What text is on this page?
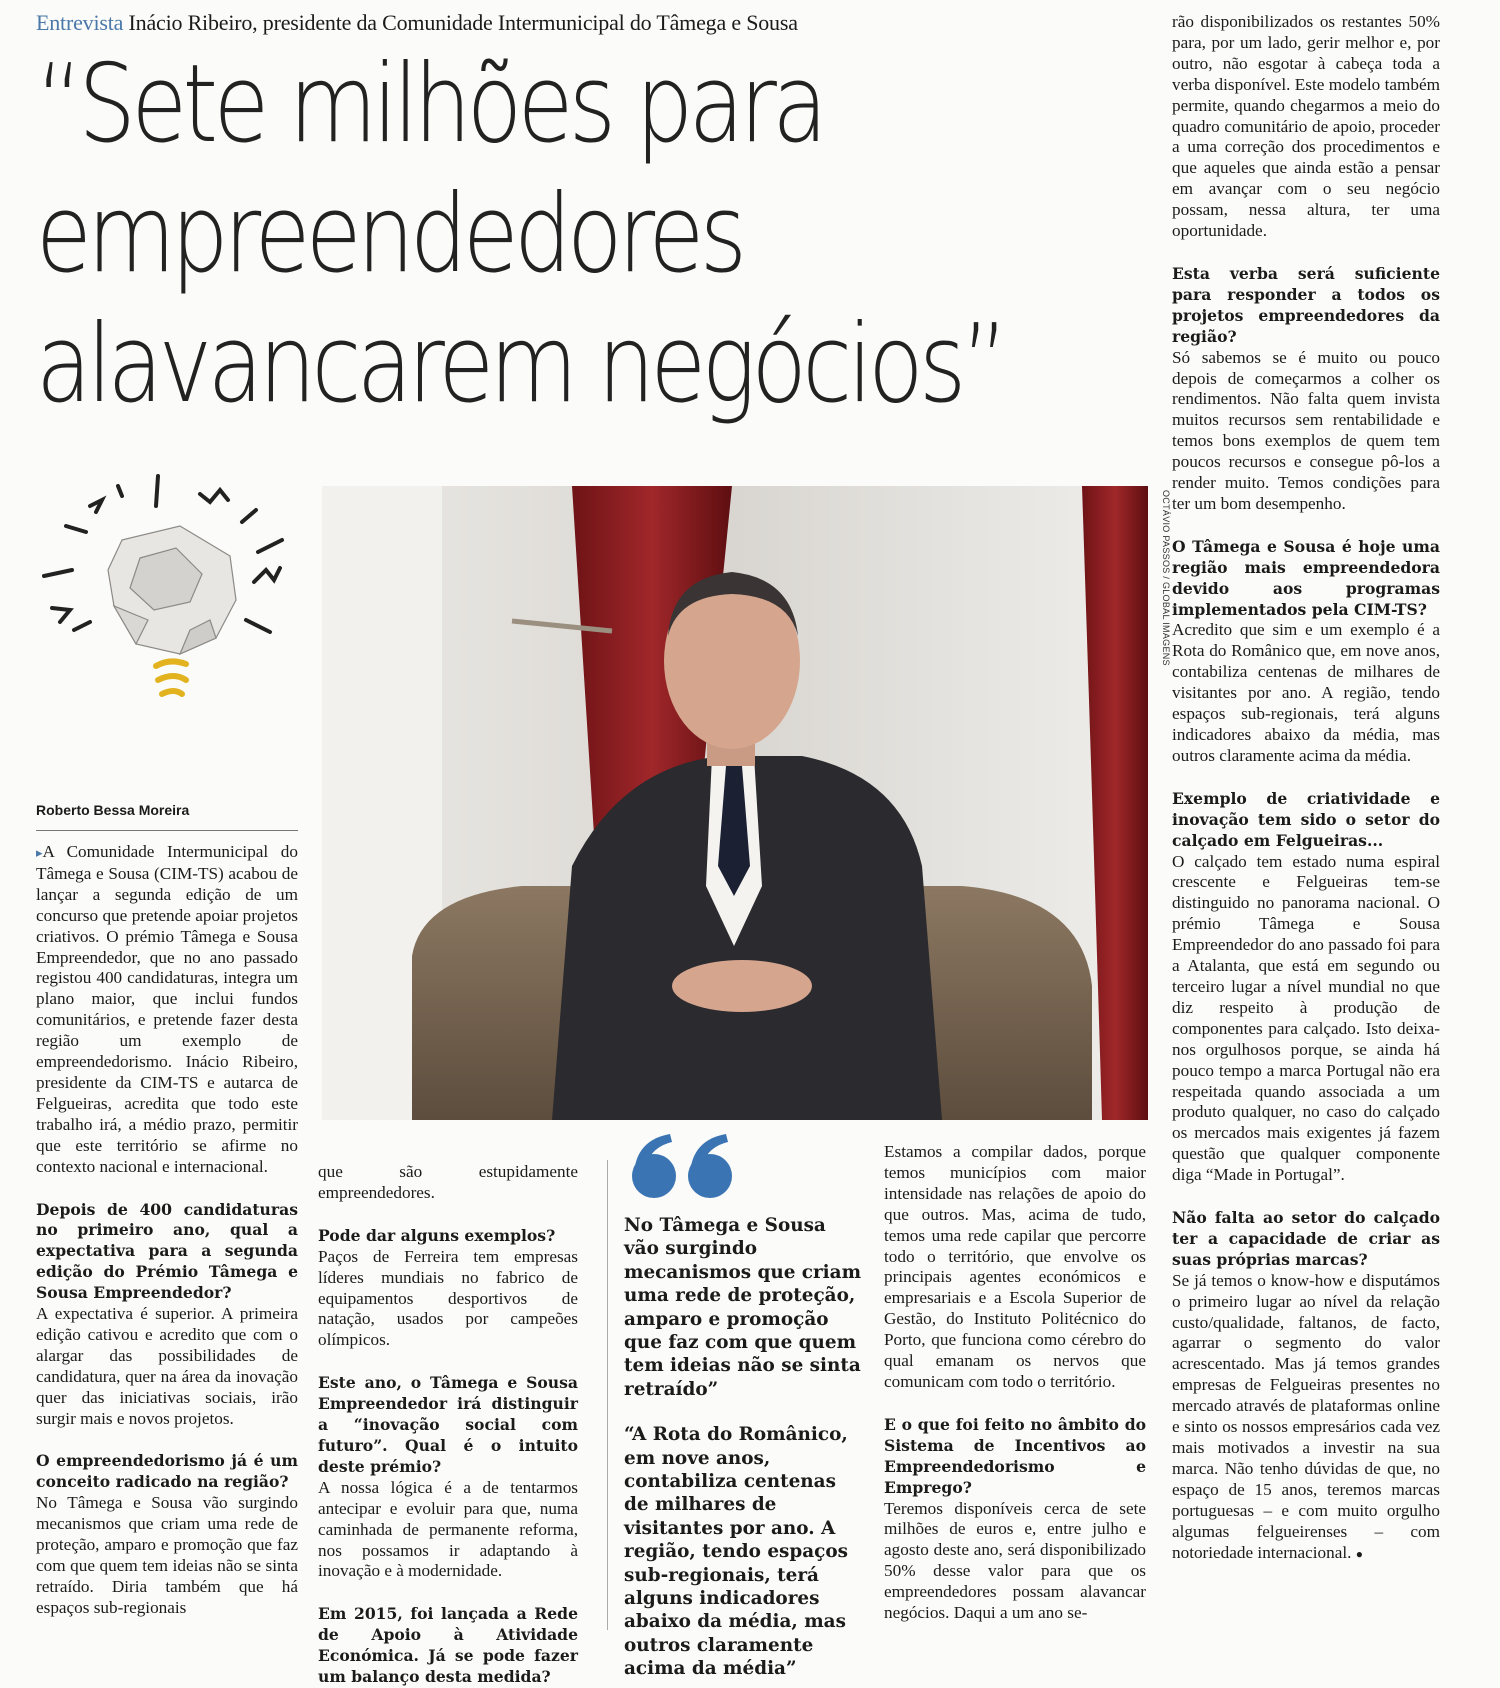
Entrevista Inácio Ribeiro, presidente da Comunidade Intermunicipal do Tâmega e Sousa
“Sete milhões para
empreendedores
alavancarem negócios”
OCTÁVIO PASSOS / GLOBAL IMAGENS
Roberto Bessa Moreira
▸A Comunidade Intermunicipal do Tâmega e Sousa (CIM-TS) acabou de lançar a segunda edição de um concurso que pretende apoiar projetos criativos. O prémio Tâmega e Sousa Empreendedor, que no ano passado registou 400 candidaturas, integra um plano maior, que inclui fundos comunitários, e pretende fazer desta região um exemplo de empreendedorismo. Inácio Ribeiro, presidente da CIM-TS e autarca de Felgueiras, acredita que todo este trabalho irá, a médio prazo, permitir que este território se afirme no contexto nacional e internacional.
Depois de 400 candidaturas no primeiro ano, qual a expectativa para a segunda edição do Prémio Tâmega e Sousa Empreendedor?
A expectativa é superior. A primeira edição cativou e acredito que com o alargar das possibilidades de candidatura, quer na área da inovação quer das iniciativas sociais, irão surgir mais e novos projetos.
O empreendedorismo já é um conceito radicado na região?
No Tâmega e Sousa vão surgindo mecanismos que criam uma rede de proteção, amparo e promoção que faz com que quem tem ideias não se sinta retraído. Diria também que há espaços sub-regionais
que são estupidamente empreendedores.
Pode dar alguns exemplos?
Paços de Ferreira tem empresas líderes mundiais no fabrico de equipamentos desportivos de natação, usados por campeões olímpicos.
Este ano, o Tâmega e Sousa Empreendedor irá distinguir a “inovação social com futuro”. Qual é o intuito deste prémio?
A nossa lógica é a de tentarmos antecipar e evoluir para que, numa caminhada de permanente reforma, nos possamos ir adaptando à inovação e à modernidade.
Em 2015, foi lançada a Rede de Apoio à Atividade Económica. Já se pode fazer um balanço desta medida?
No Tâmega e Sousa vão surgindo mecanismos que criam uma rede de proteção, amparo e promoção que faz com que quem tem ideias não se sinta retraído”
“A Rota do Românico, em nove anos, contabiliza centenas de milhares de visitantes por ano. A região, tendo espaços sub-regionais, terá alguns indicadores abaixo da média, mas outros claramente acima da média”
Estamos a compilar dados, porque temos municípios com maior intensidade nas relações de apoio do que outros. Mas, acima de tudo, temos uma rede capilar que percorre todo o território, que envolve os principais agentes económicos e empresariais e a Escola Superior de Gestão, do Instituto Politécnico do Porto, que funciona como cérebro do qual emanam os nervos que comunicam com todo o território.
E o que foi feito no âmbito do Sistema de Incentivos ao Empreendedorismo e Emprego?
Teremos disponíveis cerca de sete milhões de euros e, entre julho e agosto deste ano, será disponibilizado 50% desse valor para que os empreendedores possam alavancar negócios. Daqui a um ano se-
rão disponibilizados os restantes 50% para, por um lado, gerir melhor e, por outro, não esgotar à cabeça toda a verba disponível. Este modelo também permite, quando chegarmos a meio do quadro comunitário de apoio, proceder a uma correção dos procedimentos e que aqueles que ainda estão a pensar em avançar com o seu negócio possam, nessa altura, ter uma oportunidade.
Esta verba será suficiente para responder a todos os projetos empreendedores da região?
Só sabemos se é muito ou pouco depois de começarmos a colher os rendimentos. Não falta quem invista muitos recursos sem rentabilidade e temos bons exemplos de quem tem poucos recursos e consegue pô-los a render muito. Temos condições para ter um bom desempenho.
O Tâmega e Sousa é hoje uma região mais empreendedora devido aos programas implementados pela CIM-TS?
Acredito que sim e um exemplo é a Rota do Românico que, em nove anos, contabiliza centenas de milhares de visitantes por ano. A região, tendo espaços sub-regionais, terá alguns indicadores abaixo da média, mas outros claramente acima da média.
Exemplo de criatividade e inovação tem sido o setor do calçado em Felgueiras...
O calçado tem estado numa espiral crescente e Felgueiras tem-se distinguido no panorama nacional. O prémio Tâmega e Sousa Empreendedor do ano passado foi para a Atalanta, que está em segundo ou terceiro lugar a nível mundial no que diz respeito à produção de componentes para calçado. Isto deixa-nos orgulhosos porque, se ainda há pouco tempo a marca Portugal não era respeitada quando associada a um produto qualquer, no caso do calçado os mercados mais exigentes já fazem questão que qualquer componente diga “Made in Portugal”.
Não falta ao setor do calçado ter a capacidade de criar as suas próprias marcas?
Se já temos o know-how e disputámos o primeiro lugar ao nível da relação custo/qualidade, faltanos, de facto, agarrar o segmento do valor acrescentado. Mas já temos grandes empresas de Felgueiras presentes no mercado através de plataformas online e sinto os nossos empresários cada vez mais motivados a investir na sua marca. Não tenho dúvidas de que, no espaço de 15 anos, teremos marcas portuguesas – e com muito orgulho algumas felgueirenses – com notoriedade internacional. ●
